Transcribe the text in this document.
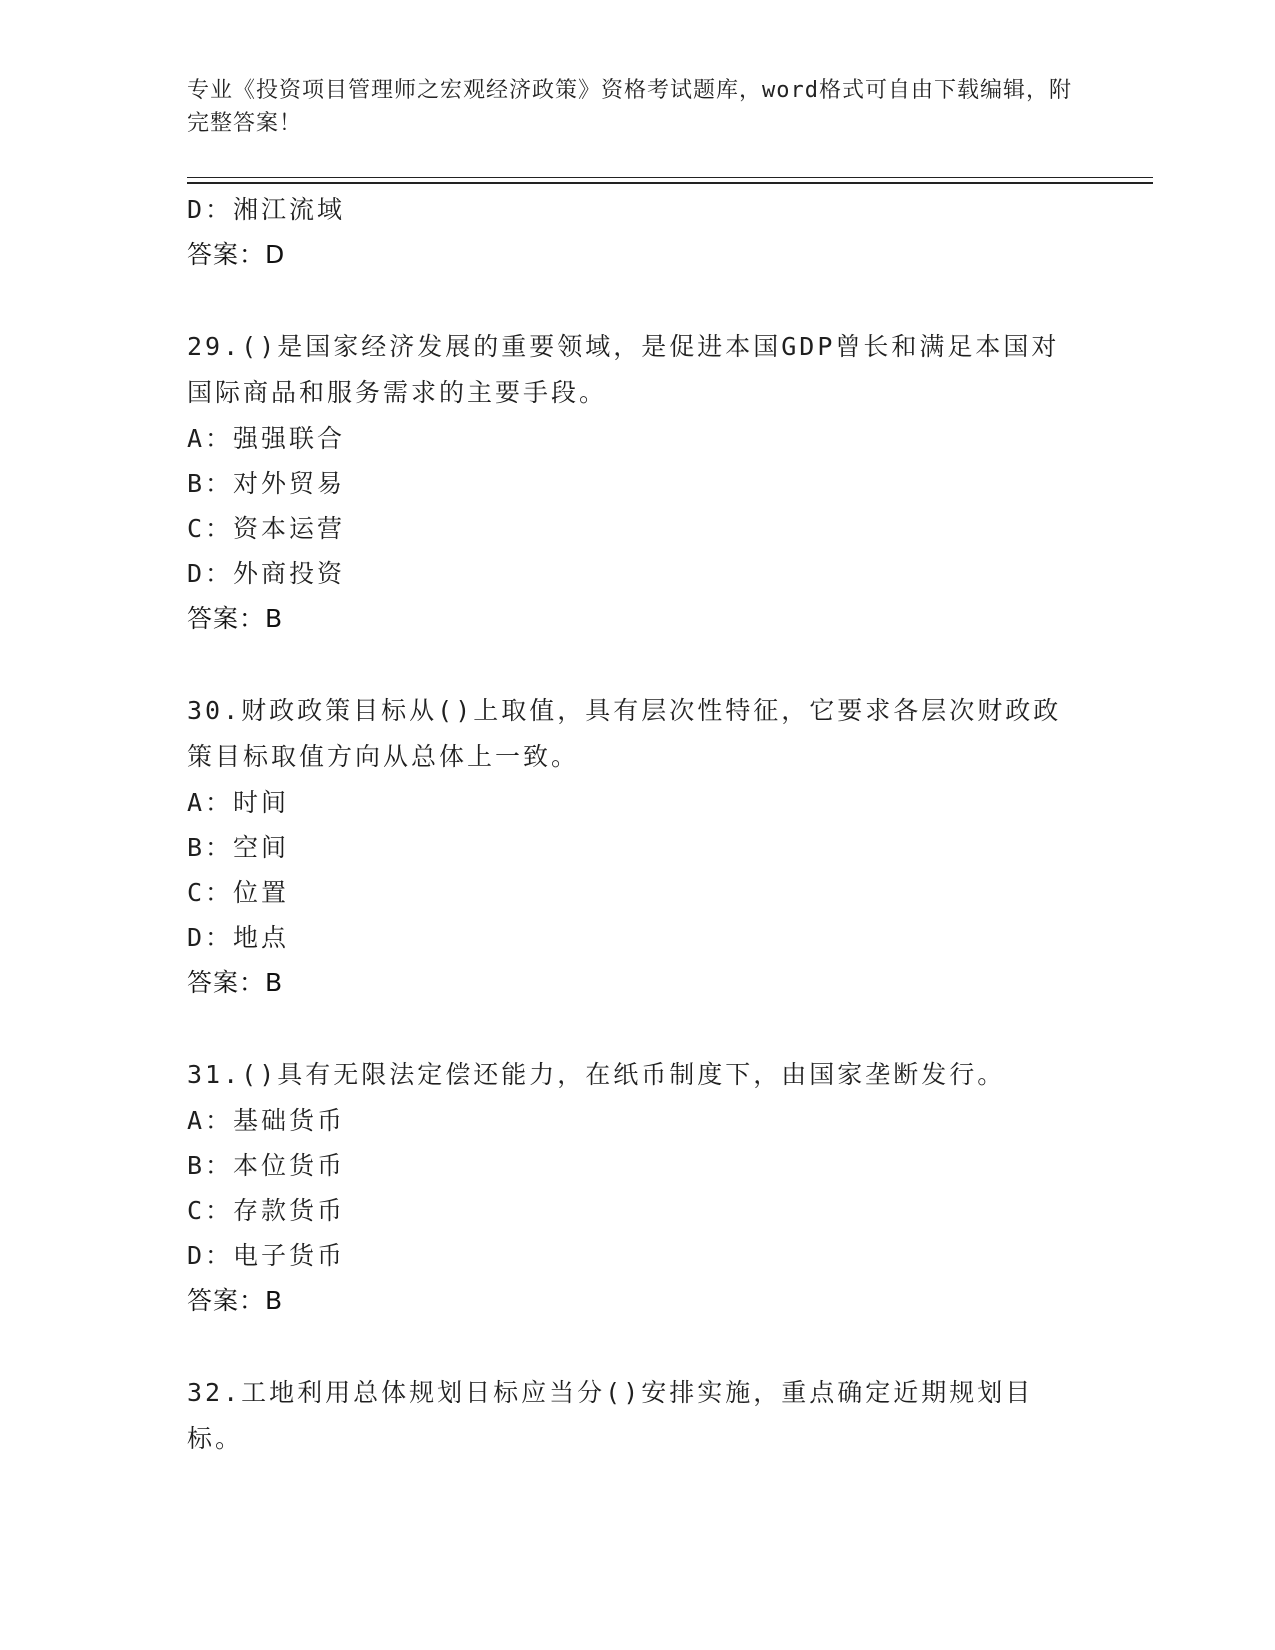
专业《投资项目管理师之宏观经济政策》资格考试题库，word格式可自由下载编辑，附完整答案！
D：湘江流域
答案：D
29.()是国家经济发展的重要领域，是促进本国GDP曾长和满足本国对国际商品和服务需求的主要手段。
A：强强联合
B：对外贸易
C：资本运营
D：外商投资
答案：B
30.财政政策目标从()上取值，具有层次性特征，它要求各层次财政政策目标取值方向从总体上一致。
A：时间
B：空间
C：位置
D：地点
答案：B
31.()具有无限法定偿还能力，在纸币制度下，由国家垄断发行。
A：基础货币
B：本位货币
C：存款货币
D：电子货币
答案：B
32.工地利用总体规划日标应当分()安排实施，重点确定近期规划目标。
